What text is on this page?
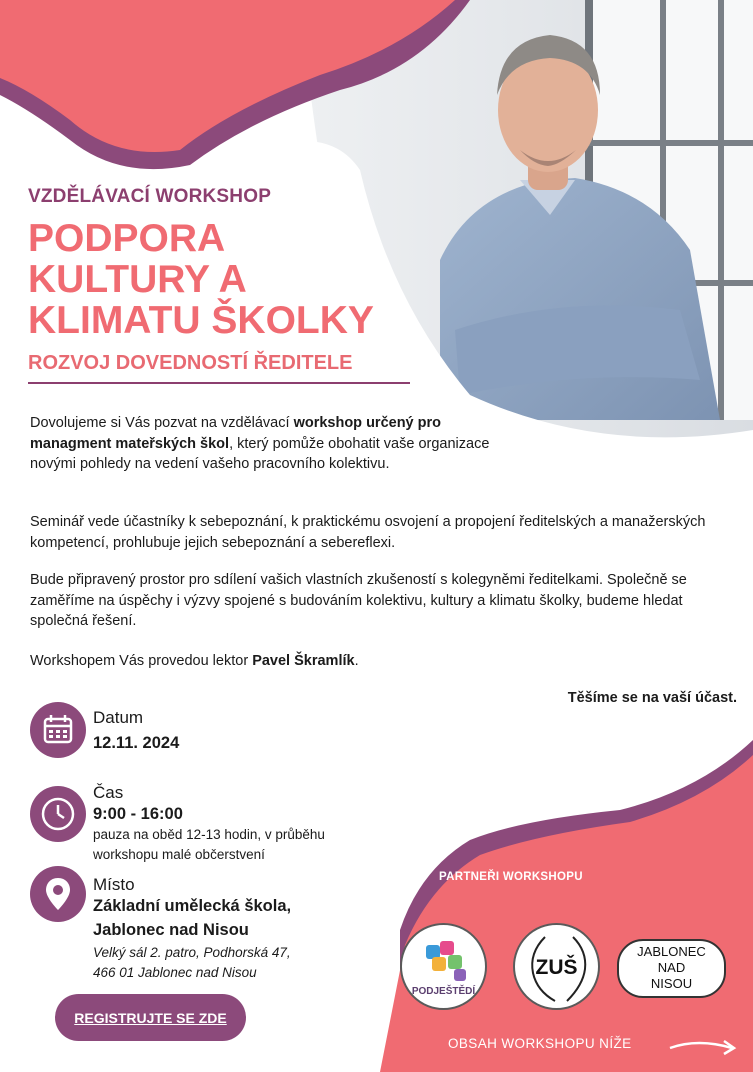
VZDĚLÁVACÍ WORKSHOP
PODPORA
KULTURY A
KLIMATU ŠKOLKY
ROZVOJ DOVEDNOSTÍ ŘEDITELE
Dovolujeme si Vás pozvat na vzdělávací workshop určený pro managment mateřských škol, který pomůže obohatit vaše organizace novými pohledy na vedení vašeho pracovního kolektivu.
Seminář vede účastníky k sebepoznání, k praktickému osvojení a propojení ředitelských a manažerských kompetencí, prohlubuje jejich sebepoznání a sebereflexi.
Bude připravený prostor pro sdílení vašich vlastních zkušeností s kolegyněmi ředitelkami. Společně se zaměříme na úspěchy i výzvy spojené s budováním kolektivu, kultury a klimatu školky, budeme hledat společná řešení.
Workshopem Vás provedou lektor Pavel Škramlík.
Těšíme se na vaší účast.
Datum
12.11. 2024
Čas
9:00 - 16:00
pauza na oběd 12-13 hodin, v průběhu
workshopu malé občerstvení
Místo
Základní umělecká škola,
Jablonec nad Nisou
Velký sál 2. patro, Podhorská 47,
466 01 Jablonec nad Nisou
REGISTRUJTE SE ZDE
PARTNEŘI WORKSHOPU
PODJEŠTĚDÍ
ZUŠ
JABLONEC
NAD
NISOU
OBSAH WORKSHOPU NÍŽE
